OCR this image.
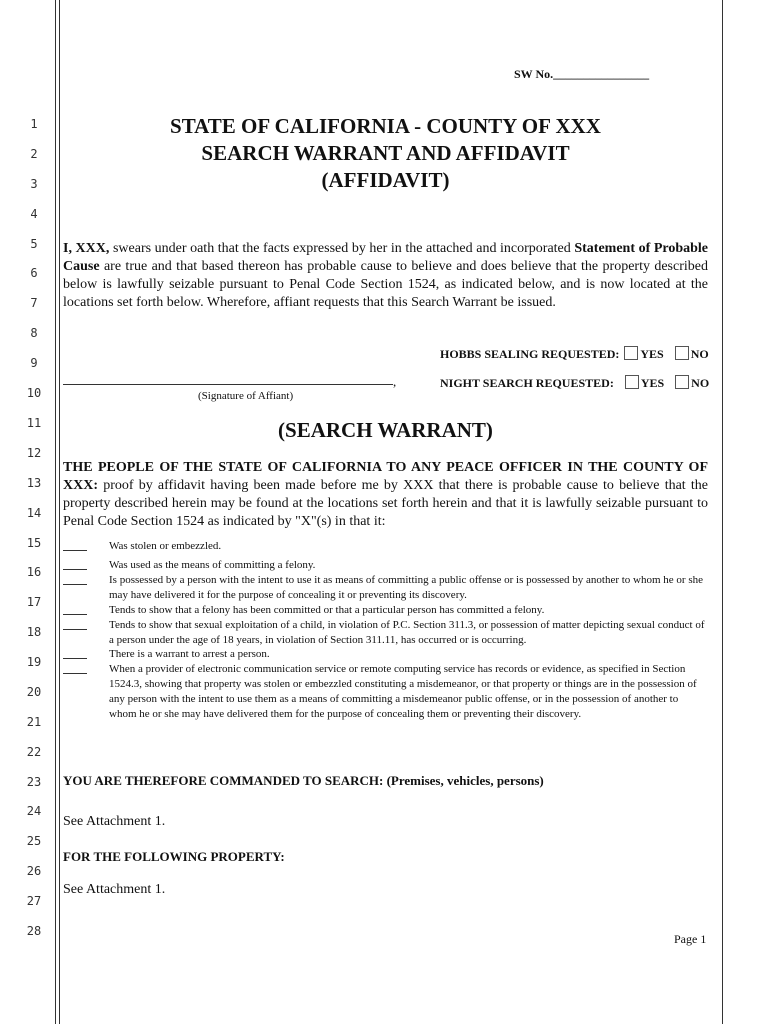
1
2
3
4
5
6
7
8
9
10
11
12
13
14
15
16
17
18
19
20
21
22
23
24
25
26
27
28
SW No.________________
STATE OF CALIFORNIA - COUNTY OF XXX
SEARCH WARRANT AND AFFIDAVIT
(AFFIDAVIT)
I, XXX, swears under oath that the facts expressed by her in the attached and incorporated Statement of Probable Cause are true and that based thereon has probable cause to believe and does believe that the property described below is lawfully seizable pursuant to Penal Code Section 1524, as indicated below, and is now located at the locations set forth below. Wherefore, affiant requests that this Search Warrant be issued.
HOBBS SEALING REQUESTED: YES NO
,	NIGHT SEARCH REQUESTED: YES NO
(Signature of Affiant)
(SEARCH WARRANT)
THE PEOPLE OF THE STATE OF CALIFORNIA TO ANY PEACE OFFICER IN THE COUNTY OF XXX: proof by affidavit having been made before me by XXX that there is probable cause to believe that the property described herein may be found at the locations set forth herein and that it is lawfully seizable pursuant to Penal Code Section 1524 as indicated by "X"(s) in that it:
Was stolen or embezzled.
Was used as the means of committing a felony.
Is possessed by a person with the intent to use it as means of committing a public offense or is possessed by another to whom he or she may have delivered it for the purpose of concealing it or preventing its discovery.
Tends to show that a felony has been committed or that a particular person has committed a felony.
Tends to show that sexual exploitation of a child, in violation of P.C. Section 311.3, or possession of matter depicting sexual conduct of a person under the age of 18 years, in violation of Section 311.11, has occurred or is occurring.
There is a warrant to arrest a person.
When a provider of electronic communication service or remote computing service has records or evidence, as specified in Section 1524.3, showing that property was stolen or embezzled constituting a misdemeanor, or that property or things are in the possession of any person with the intent to use them as a means of committing a misdemeanor public offense, or in the possession of another to whom he or she may have delivered them for the purpose of concealing them or preventing their discovery.
YOU ARE THEREFORE COMMANDED TO SEARCH: (Premises, vehicles, persons)
See Attachment 1.
FOR THE FOLLOWING PROPERTY:
See Attachment 1.
Page 1
